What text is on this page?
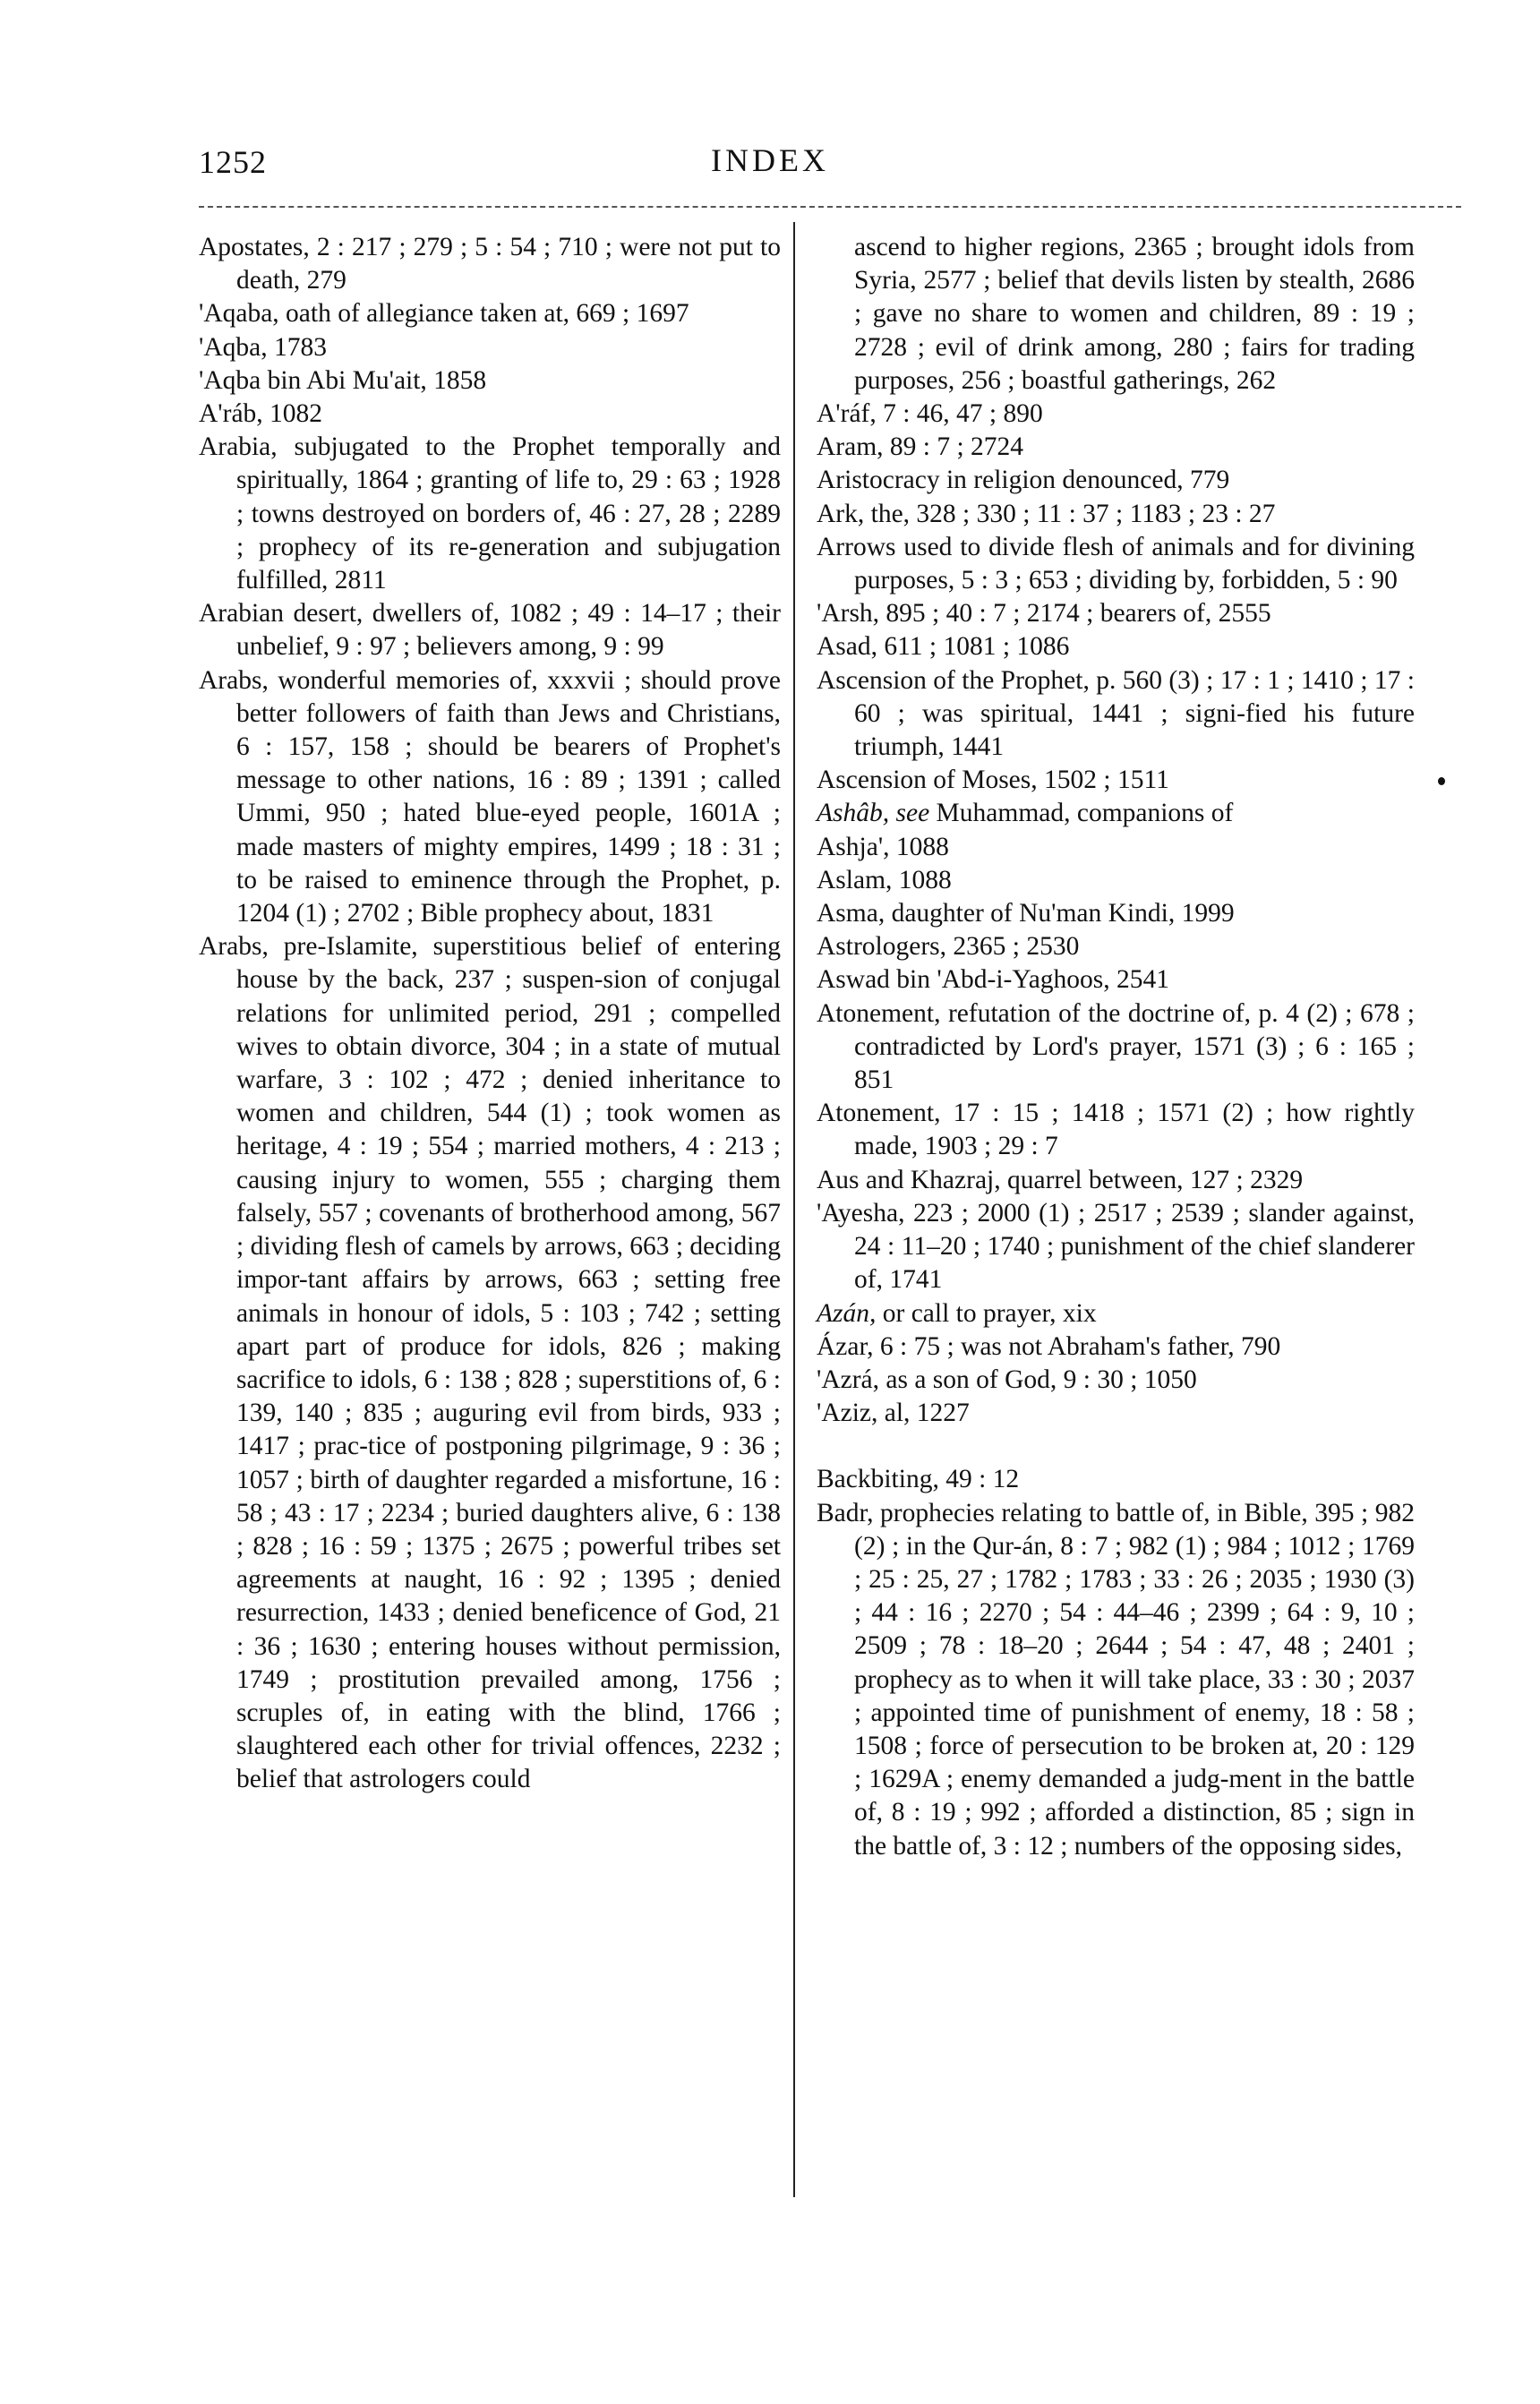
1252	INDEX

Apostates, 2 : 217 ; 279 ; 5 : 54 ; 710 ; were not put to death, 279

'Aqaba, oath of allegiance taken at, 669 ; 1697

'Aqba, 1783

'Aqba bin Abi Mu'ait, 1858

A'ráb, 1082

Arabia, subjugated to the Prophet temporally and spiritually, 1864 ; granting of life to, 29 : 63 ; 1928 ; towns destroyed on borders of, 46 : 27, 28 ; 2289 ; prophecy of its re-generation and subjugation fulfilled, 2811

Arabian desert, dwellers of, 1082 ; 49 : 14–17 ; their unbelief, 9 : 97 ; believers among, 9 : 99

Arabs, wonderful memories of, xxxvii ; should prove better followers of faith than Jews and Christians, 6 : 157, 158 ; should be bearers of Prophet's message to other nations, 16 : 89 ; 1391 ; called Ummi, 950 ; hated blue-eyed people, 1601A ; made masters of mighty empires, 1499 ; 18 : 31 ; to be raised to eminence through the Prophet, p. 1204 (1) ; 2702 ; Bible prophecy about, 1831

Arabs, pre-Islamite, superstitious belief of entering house by the back, 237 ; suspen-sion of conjugal relations for unlimited period, 291 ; compelled wives to obtain divorce, 304 ; in a state of mutual warfare, 3 : 102 ; 472 ; denied inheritance to women and children, 544 (1) ; took women as heritage, 4 : 19 ; 554 ; married mothers, 4 : 213 ; causing injury to women, 555 ; charging them falsely, 557 ; covenants of brotherhood among, 567 ; dividing flesh of camels by arrows, 663 ; deciding impor-tant affairs by arrows, 663 ; setting free animals in honour of idols, 5 : 103 ; 742 ; setting apart part of produce for idols, 826 ; making sacrifice to idols, 6 : 138 ; 828 ; superstitions of, 6 : 139, 140 ; 835 ; auguring evil from birds, 933 ; 1417 ; prac-tice of postponing pilgrimage, 9 : 36 ; 1057 ; birth of daughter regarded a misfortune, 16 : 58 ; 43 : 17 ; 2234 ; buried daughters alive, 6 : 138 ; 828 ; 16 : 59 ; 1375 ; 2675 ; powerful tribes set agreements at naught, 16 : 92 ; 1395 ; denied resurrection, 1433 ; denied beneficence of God, 21 : 36 ; 1630 ; entering houses without permission, 1749 ; prostitution prevailed among, 1756 ; scruples of, in eating with the blind, 1766 ; slaughtered each other for trivial offences, 2232 ; belief that astrologers could

ascend to higher regions, 2365 ; brought idols from Syria, 2577 ; belief that devils listen by stealth, 2686 ; gave no share to women and children, 89 : 19 ; 2728 ; evil of drink among, 280 ; fairs for trading purposes, 256 ; boastful gatherings, 262

A'ráf, 7 : 46, 47 ; 890

Aram, 89 : 7 ; 2724

Aristocracy in religion denounced, 779

Ark, the, 328 ; 330 ; 11 : 37 ; 1183 ; 23 : 27

Arrows used to divide flesh of animals and for divining purposes, 5 : 3 ; 653 ; dividing by, forbidden, 5 : 90

'Arsh, 895 ; 40 : 7 ; 2174 ; bearers of, 2555

Asad, 611 ; 1081 ; 1086

Ascension of the Prophet, p. 560 (3) ; 17 : 1 ; 1410 ; 17 : 60 ; was spiritual, 1441 ; signi-fied his future triumph, 1441

Ascension of Moses, 1502 ; 1511

Ashâb, see Muhammad, companions of

Ashja', 1088

Aslam, 1088

Asma, daughter of Nu'man Kindi, 1999

Astrologers, 2365 ; 2530

Aswad bin 'Abd-i-Yaghoos, 2541

Atonement, refutation of the doctrine of, p. 4 (2) ; 678 ; contradicted by Lord's prayer, 1571 (3) ; 6 : 165 ; 851

Atonement, 17 : 15 ; 1418 ; 1571 (2) ; how rightly made, 1903 ; 29 : 7

Aus and Khazraj, quarrel between, 127 ; 2329

'Ayesha, 223 ; 2000 (1) ; 2517 ; 2539 ; slander against, 24 : 11–20 ; 1740 ; punishment of the chief slanderer of, 1741

Azán, or call to prayer, xix

Ázar, 6 : 75 ; was not Abraham's father, 790

'Azrá, as a son of God, 9 : 30 ; 1050

'Aziz, al, 1227

Backbiting, 49 : 12

Badr, prophecies relating to battle of, in Bible, 395 ; 982 (2) ; in the Qur-án, 8 : 7 ; 982 (1) ; 984 ; 1012 ; 1769 ; 25 : 25, 27 ; 1782 ; 1783 ; 33 : 26 ; 2035 ; 1930 (3) ; 44 : 16 ; 2270 ; 54 : 44–46 ; 2399 ; 64 : 9, 10 ; 2509 ; 78 : 18–20 ; 2644 ; 54 : 47, 48 ; 2401 ; prophecy as to when it will take place, 33 : 30 ; 2037 ; appointed time of punishment of enemy, 18 : 58 ; 1508 ; force of persecution to be broken at, 20 : 129 ; 1629A ; enemy demanded a judg-ment in the battle of, 8 : 19 ; 992 ; afforded a distinction, 85 ; sign in the battle of, 3 : 12 ; numbers of the opposing sides,
